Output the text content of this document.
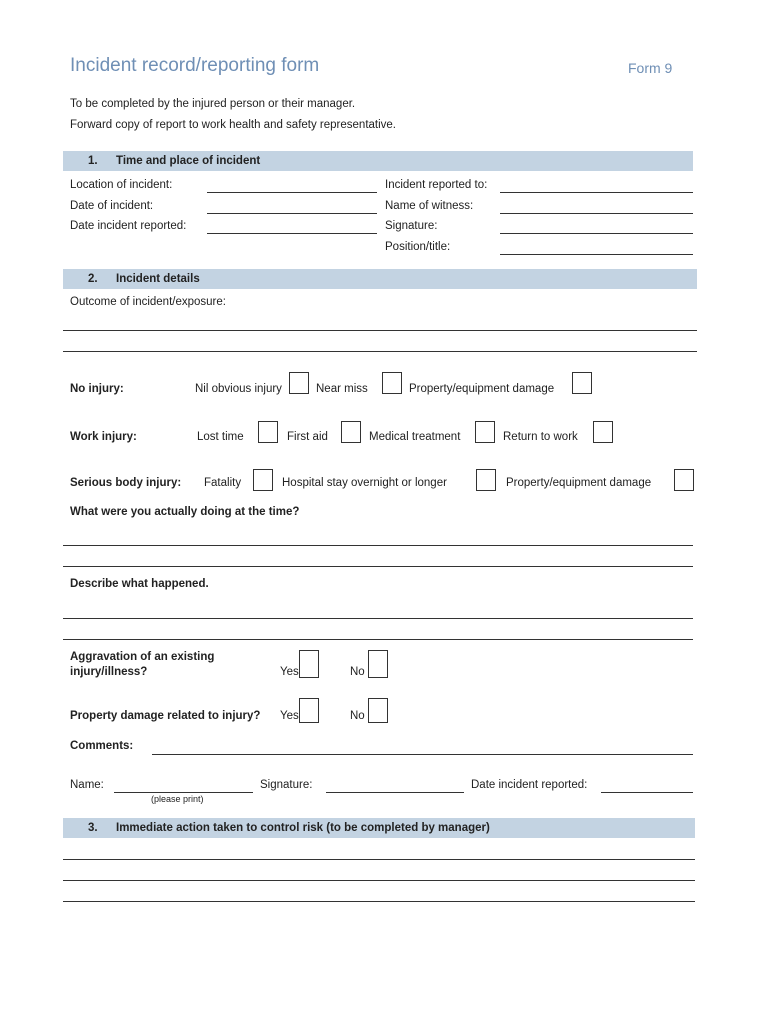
Incident record/reporting form	Form 9
To be completed by the injured person or their manager.
Forward copy of report to work health and safety representative.
1. Time and place of incident
Location of incident:
Date of incident:
Date incident reported:
Incident reported to:
Name of witness:
Signature:
Position/title:
2. Incident details
Outcome of incident/exposure:
No injury:	Nil obvious injury	Near miss	Property/equipment damage
Work injury:	Lost time	First aid	Medical treatment	Return to work
Serious body injury: Fatality	Hospital stay overnight or longer	Property/equipment damage
What were you actually doing at the time?
Describe what happened.
Aggravation of an existing injury/illness?	Yes	No
Property damage related to injury? Yes	No
Comments:
Name:
(please print)
Signature:	Date incident reported:
3. Immediate action taken to control risk (to be completed by manager)
